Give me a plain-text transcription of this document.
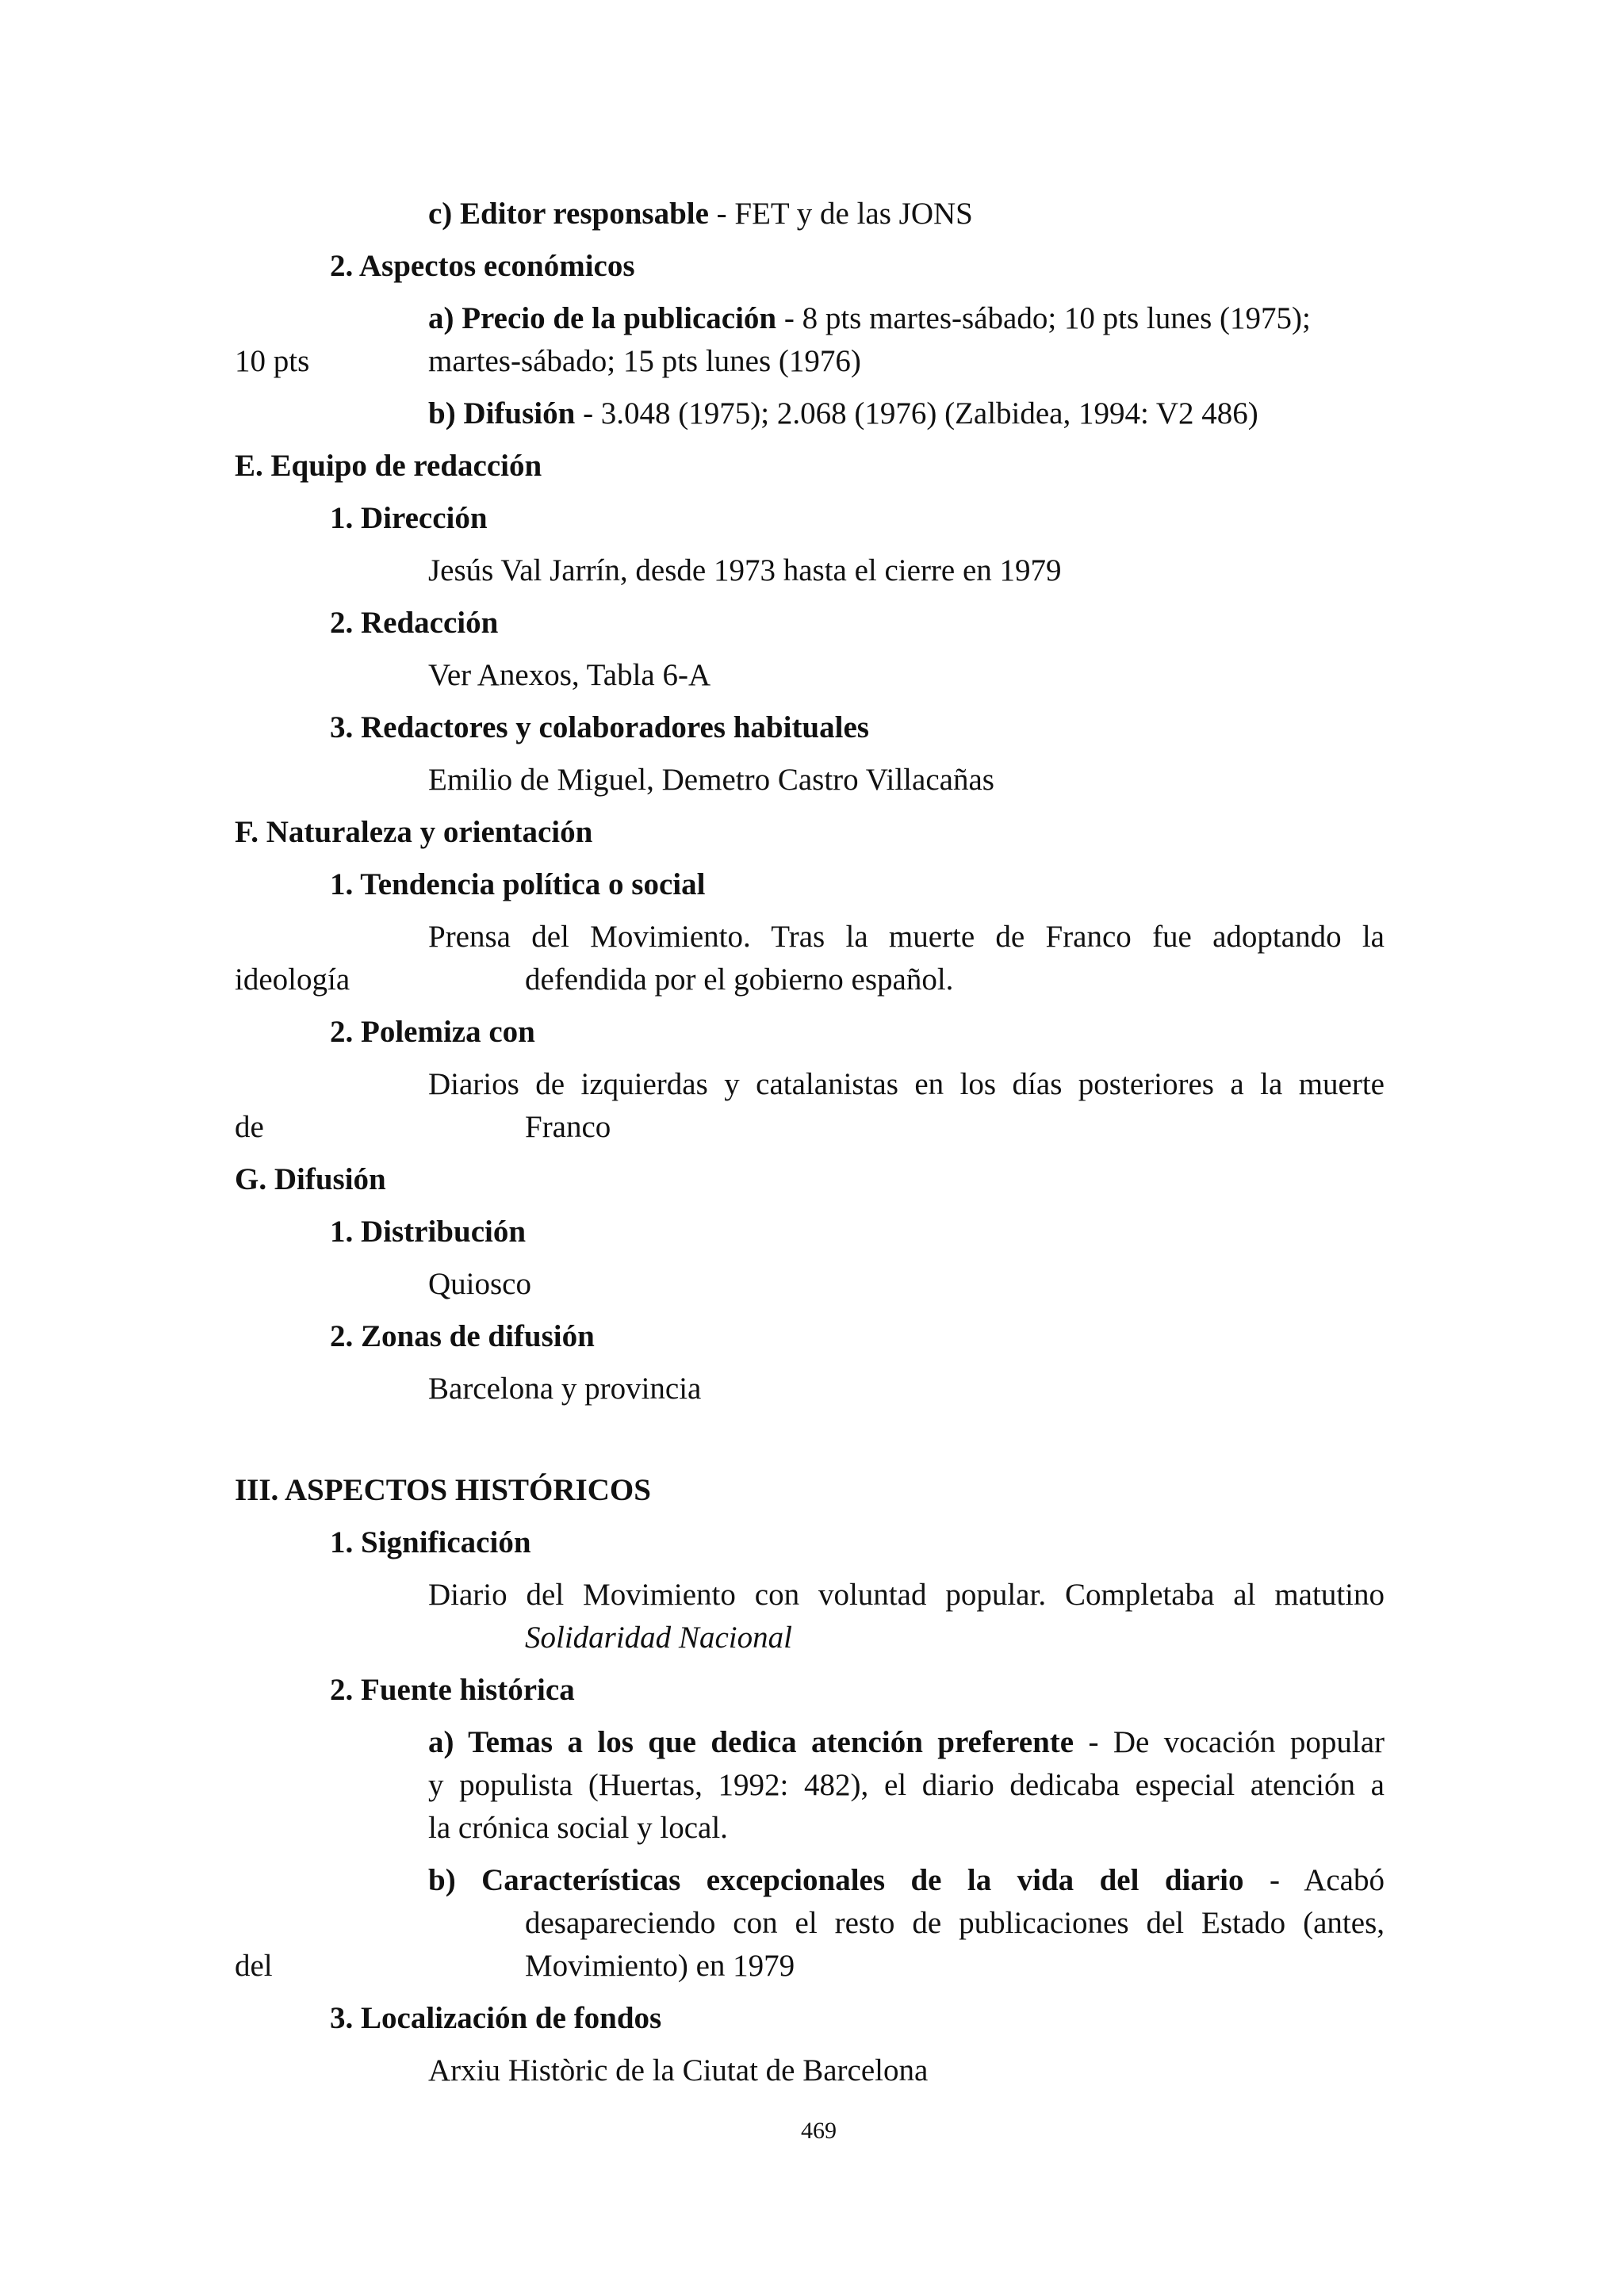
c) Editor responsable - FET y de las JONS
2. Aspectos económicos
a) Precio de la publicación - 8 pts martes-sábado; 10 pts lunes (1975);
10 pts	martes-sábado; 15 pts lunes (1976)
b) Difusión - 3.048 (1975); 2.068 (1976) (Zalbidea, 1994: V2 486)
E. Equipo de redacción
1. Dirección
Jesús Val Jarrín, desde 1973 hasta el cierre en 1979
2. Redacción
Ver Anexos, Tabla 6-A
3. Redactores y colaboradores habituales
Emilio de Miguel, Demetro Castro Villacañas
F. Naturaleza y orientación
1. Tendencia política o social
Prensa del Movimiento. Tras la muerte de Franco fue adoptando la
ideología	defendida por el gobierno español.
2. Polemiza con
Diarios de izquierdas y catalanistas en los días posteriores a la muerte
de	Franco
G. Difusión
1. Distribución
Quiosco
2. Zonas de difusión
Barcelona y provincia
III. ASPECTOS HISTÓRICOS
1. Significación
Diario del Movimiento con voluntad popular. Completaba al matutino
Solidaridad Nacional
2. Fuente histórica
a) Temas a los que dedica atención preferente - De vocación popular
y populista (Huertas, 1992: 482), el diario dedicaba especial atención a
la crónica social y local.
b) Características excepcionales de la vida del diario - Acabó
desapareciendo con el resto de publicaciones del Estado (antes,
del	Movimiento) en 1979
3. Localización de fondos
Arxiu Històric de la Ciutat de Barcelona
469
